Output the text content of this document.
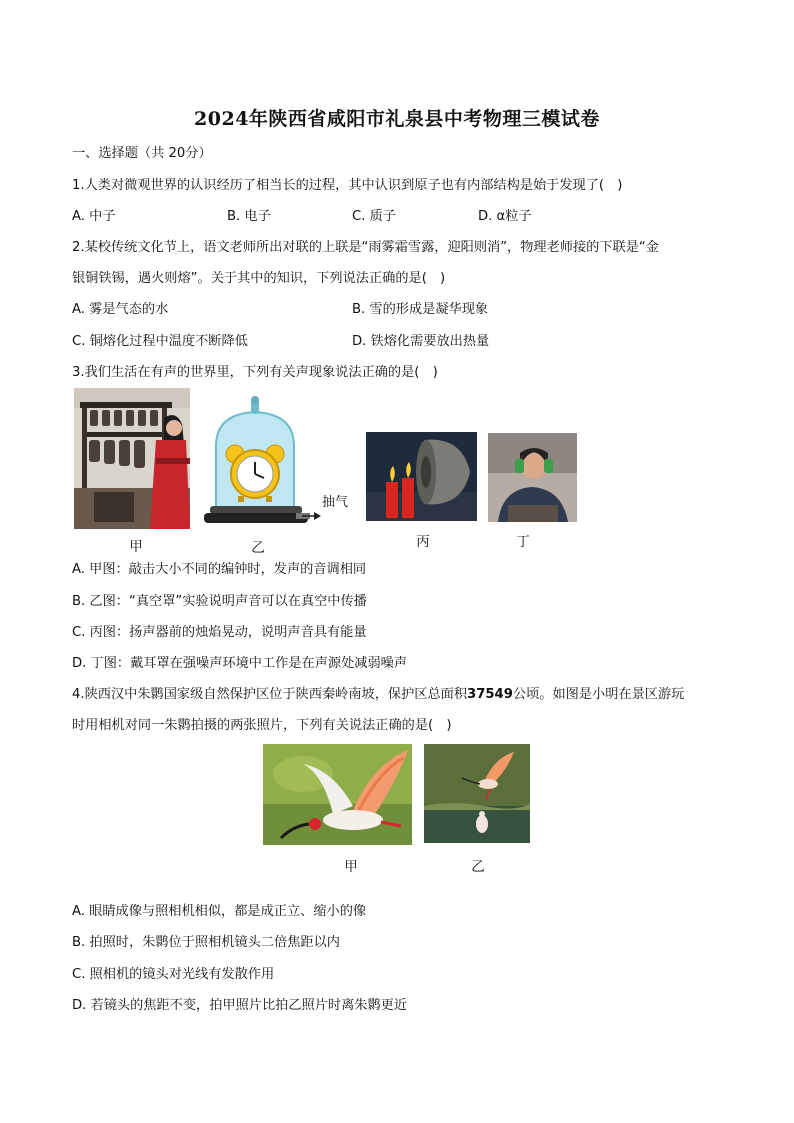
2024年陕西省咸阳市礼泉县中考物理三模试卷
一、选择题（共 20分）
1.人类对微观世界的认识经历了相当长的过程，其中认识到原子也有内部结构是始于发现了(　)
A. 中子	B. 电子	C. 质子	D. α粒子
2.某校传统文化节上，语文老师所出对联的上联是“雨雾霜雪露，迎阳则消”，物理老师接的下联是“金
银铜铁锡，遇火则熔”。关于其中的知识，下列说法正确的是(　)
A. 雾是气态的水	B. 雪的形成是凝华现象
C. 铜熔化过程中温度不断降低	D. 铁熔化需要放出热量
3.我们生活在有声的世界里，下列有关声现象说法正确的是(　)
甲
抽气
乙	丙	丁
A. 甲图：敲击大小不同的编钟时，发声的音调相同
B. 乙图：“真空罩”实验说明声音可以在真空中传播
C. 丙图：扬声器前的烛焰晃动，说明声音具有能量
D. 丁图：戴耳罩在强噪声环境中工作是在声源处减弱噪声
4.陕西汉中朱鹮国家级自然保护区位于陕西秦岭南坡，保护区总面积37549公顷。如图是小明在景区游玩
时用相机对同一朱鹮拍摄的两张照片，下列有关说法正确的是(　)
甲	乙
A. 眼睛成像与照相机相似，都是成正立、缩小的像
B. 拍照时，朱鹮位于照相机镜头二倍焦距以内
C. 照相机的镜头对光线有发散作用
D. 若镜头的焦距不变，拍甲照片比拍乙照片时离朱鹮更近
